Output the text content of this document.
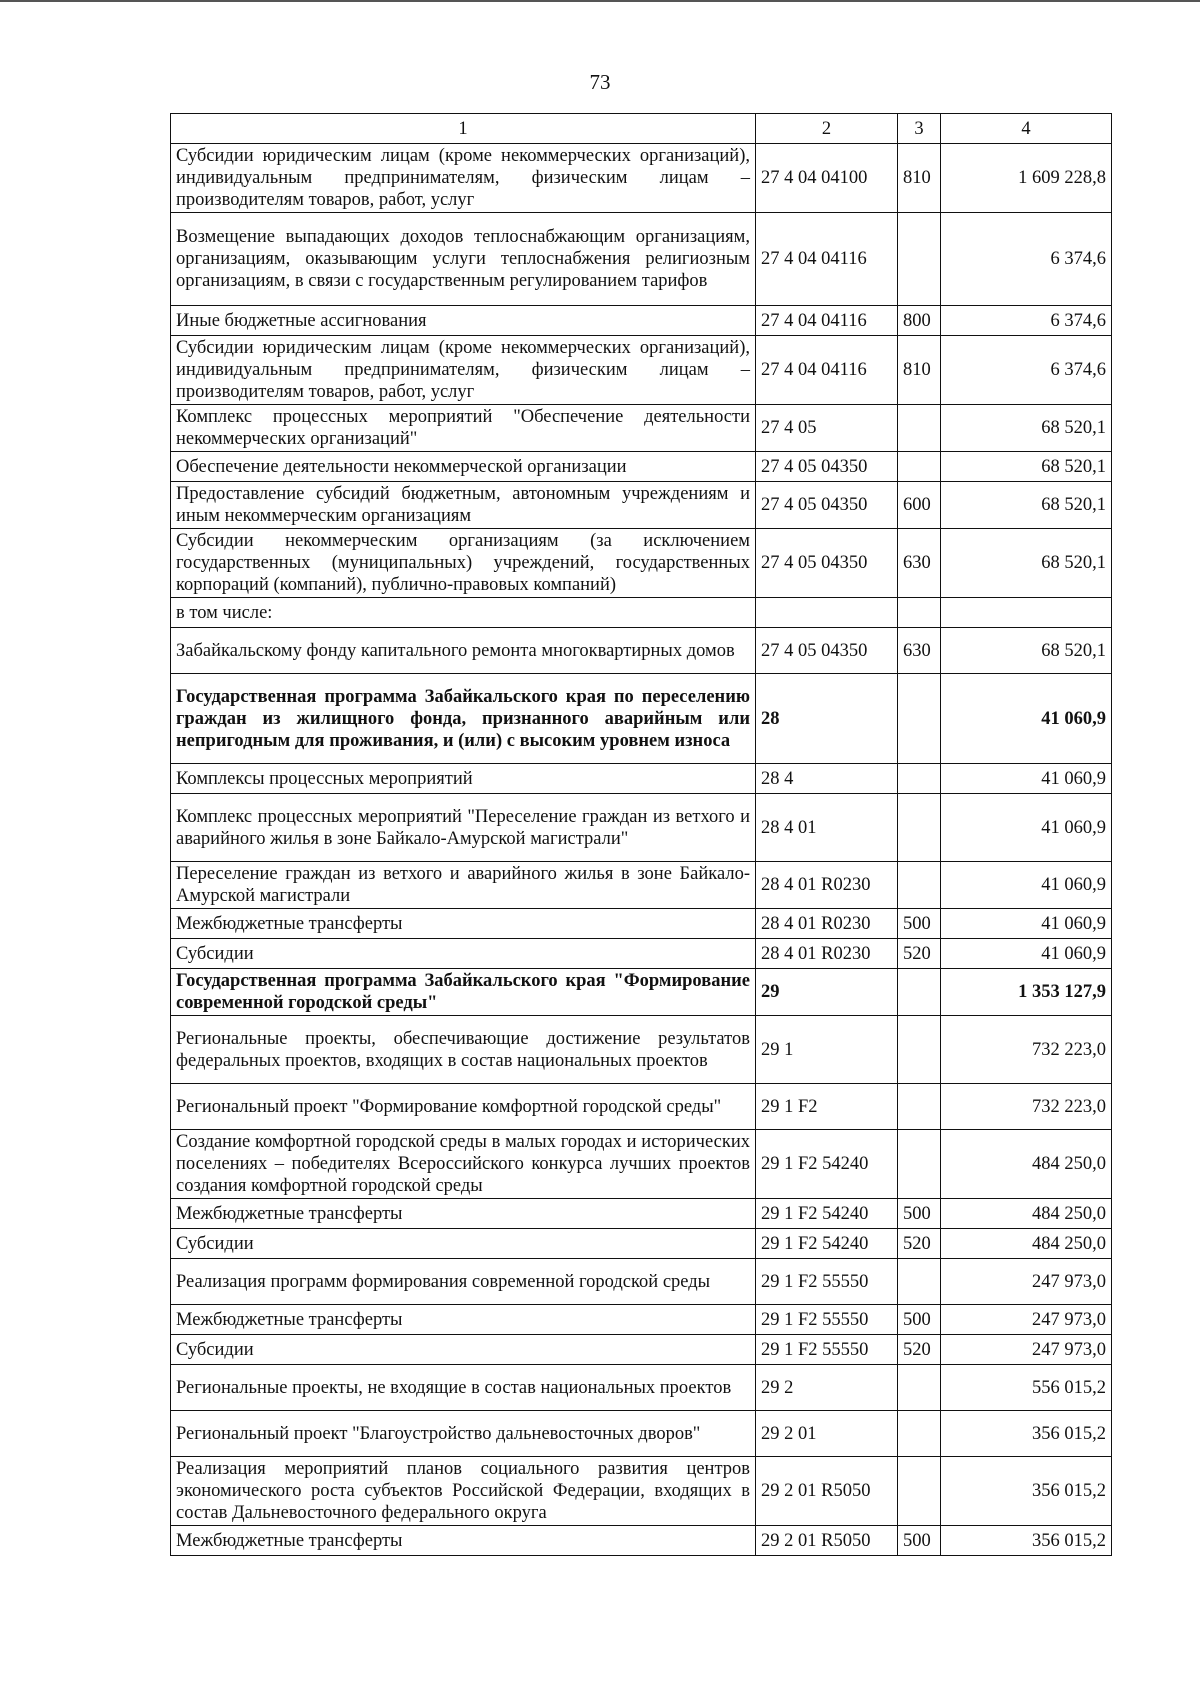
73
1	2	3	4
Субсидии юридическим лицам (кроме некоммерческих организаций), индивидуальным предпринимателям, физическим лицам – производителям товаров, работ, услуг	27 4 04 04100	810	1 609 228,8
Возмещение выпадающих доходов теплоснабжающим организациям, организациям, оказывающим услуги теплоснабжения религиозным организациям, в связи с государственным регулированием тарифов	27 4 04 04116		6 374,6
Иные бюджетные ассигнования	27 4 04 04116	800	6 374,6
Субсидии юридическим лицам (кроме некоммерческих организаций), индивидуальным предпринимателям, физическим лицам – производителям товаров, работ, услуг	27 4 04 04116	810	6 374,6
Комплекс процессных мероприятий "Обеспечение деятельности некоммерческих организаций"	27 4 05		68 520,1
Обеспечение деятельности некоммерческой организации	27 4 05 04350		68 520,1
Предоставление субсидий бюджетным, автономным учреждениям и иным некоммерческим организациям	27 4 05 04350	600	68 520,1
Субсидии некоммерческим организациям (за исключением государственных (муниципальных) учреждений, государственных корпораций (компаний), публично-правовых компаний)	27 4 05 04350	630	68 520,1
в том числе:			
Забайкальскому фонду капитального ремонта многоквартирных домов	27 4 05 04350	630	68 520,1
Государственная программа Забайкальского края по переселению граждан из жилищного фонда, признанного аварийным или непригодным для проживания, и (или) с высоким уровнем износа	28		41 060,9
Комплексы процессных мероприятий	28 4		41 060,9
Комплекс процессных мероприятий "Переселение граждан из ветхого и аварийного жилья в зоне Байкало-Амурской магистрали"	28 4 01		41 060,9
Переселение граждан из ветхого и аварийного жилья в зоне Байкало-Амурской магистрали	28 4 01 R0230		41 060,9
Межбюджетные трансферты	28 4 01 R0230	500	41 060,9
Субсидии	28 4 01 R0230	520	41 060,9
Государственная программа Забайкальского края "Формирование современной городской среды"	29		1 353 127,9
Региональные проекты, обеспечивающие достижение результатов федеральных проектов, входящих в состав национальных проектов	29 1		732 223,0
Региональный проект "Формирование комфортной городской среды"	29 1 F2		732 223,0
Создание комфортной городской среды в малых городах и исторических поселениях – победителях Всероссийского конкурса лучших проектов создания комфортной городской среды	29 1 F2 54240		484 250,0
Межбюджетные трансферты	29 1 F2 54240	500	484 250,0
Субсидии	29 1 F2 54240	520	484 250,0
Реализация программ формирования современной городской среды	29 1 F2 55550		247 973,0
Межбюджетные трансферты	29 1 F2 55550	500	247 973,0
Субсидии	29 1 F2 55550	520	247 973,0
Региональные проекты, не входящие в состав национальных проектов	29 2		556 015,2
Региональный проект "Благоустройство дальневосточных дворов"	29 2 01		356 015,2
Реализация мероприятий планов социального развития центров экономического роста субъектов Российской Федерации, входящих в состав Дальневосточного федерального округа	29 2 01 R5050		356 015,2
Межбюджетные трансферты	29 2 01 R5050	500	356 015,2
